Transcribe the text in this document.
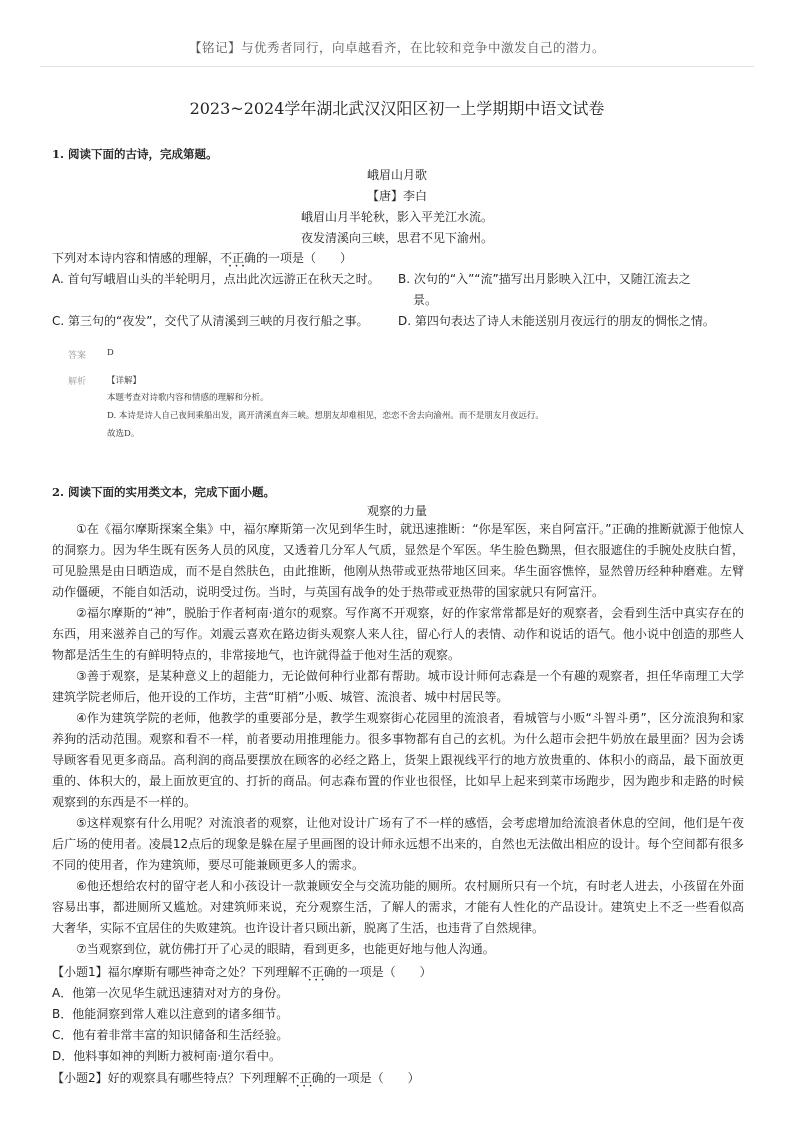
【铭记】与优秀者同行，向卓越看齐，在比较和竞争中激发自己的潜力。
2023~2024学年湖北武汉汉阳区初一上学期期中语文试卷
1. 阅读下面的古诗，完成第题。
峨眉山月歌
【唐】李白
峨眉山月半轮秋，影入平羌江水流。
夜发清溪向三峡，思君不见下渝州。
下列对本诗内容和情感的理解，不正确 •••的一项是（　　）
A. 首句写峨眉山头的半轮明月，点出此次远游正在秋天之时。 B. 次句的“入”“流”描写出月影映入江中，又随江流去之
景。
C. 第三句的“夜发”，交代了从清溪到三峡的月夜行船之事。 D. 第四句表达了诗人未能送别月夜远行的朋友的惆怅之情。
答案 D
解析 【详解】
本题考查对诗歌内容和情感的理解和分析。
D. 本诗是诗人自己夜间乘船出发，离开清溪直奔三峡。想朋友却难相见，恋恋不舍去向渝州。而不是朋友月夜远行。
故选D。
2. 阅读下面的实用类文本，完成下面小题。
观察的力量

①在《福尔摩斯探案全集》中，福尔摩斯第一次见到华生时，就迅速推断：“你是军医，来自阿富汗。”正确的推断就源于他惊人的洞察力。因为华生既有医务人员的风度，又透着几分军人气质，显然是个军医。华生脸色黝黑，但衣服遮住的手腕处皮肤白皙，可见脸黑是由日晒造成，而不是自然肤色，由此推断，他刚从热带或亚热带地区回来。华生面容憔悴，显然曾历经种种磨难。左臂动作僵硬，不能自如活动，说明受过伤。当时，与英国有战争的处于热带或亚热带的国家就只有阿富汗。

②福尔摩斯的“神”，脱胎于作者柯南·道尔的观察。写作离不开观察，好的作家常常都是好的观察者，会看到生活中真实存在的东西，用来滋养自己的写作。刘震云喜欢在路边街头观察人来人往，留心行人的表情、动作和说话的语气。他小说中创造的那些人物都是活生生的有鲜明特点的，非常接地气，也许就得益于他对生活的观察。

③善于观察，是某种意义上的超能力，无论做何种行业都有帮助。城市设计师何志森是一个有趣的观察者，担任华南理工大学建筑学院老师后，他开设的工作坊，主营“盯梢”小贩、城管、流浪者、城中村居民等。

④作为建筑学院的老师，他教学的重要部分是，教学生观察街心花园里的流浪者，看城管与小贩“斗智斗勇”，区分流浪狗和家养狗的活动范围。观察和看不一样，前者要动用推理能力。很多事物都有自己的玄机。为什么超市会把牛奶放在最里面？因为会诱导顾客看见更多商品。高利润的商品要摆放在顾客的必经之路上，货架上跟视线平行的地方放贵重的、体积小的商品，最下面放更重的、体积大的，最上面放更宜的、打折的商品。何志森布置的作业也很怪，比如早上起来到菜市场跑步，因为跑步和走路的时候观察到的东西是不一样的。

⑤这样观察有什么用呢？对流浪者的观察，让他对设计广场有了不一样的感悟，会考虑增加给流浪者休息的空间，他们是午夜后广场的使用者。凌晨12点后的现象是躲在屋子里画图的设计师永远想不出来的，自然也无法做出相应的设计。每个空间都有很多不同的使用者，作为建筑师，要尽可能兼顾更多人的需求。

⑥他还想给农村的留守老人和小孩设计一款兼顾安全与交流功能的厕所。农村厕所只有一个坑，有时老人进去，小孩留在外面容易出事，都进厕所又尴尬。对建筑师来说，充分观察生活，了解人的需求，才能有人性化的产品设计。建筑史上不乏一些看似高大奢华，实际不宜居住的失败建筑。也许设计者只顾出新，脱离了生活，也违背了自然规律。

⑦当观察到位，就仿佛打开了心灵的眼睛，看到更多，也能更好地与他人沟通。

【小题1】福尔摩斯有哪些神奇之处？下列理解不正确 •••的一项是（　　）
A．他第一次见华生就迅速猜对对方的身份。
B．他能洞察到常人难以注意到的诸多细节。
C．他有着非常丰富的知识储备和生活经验。
D．他料事如神的判断力被柯南·道尔看中。
【小题2】好的观察具有哪些特点？下列理解不正确 •••的一项是（　　）
